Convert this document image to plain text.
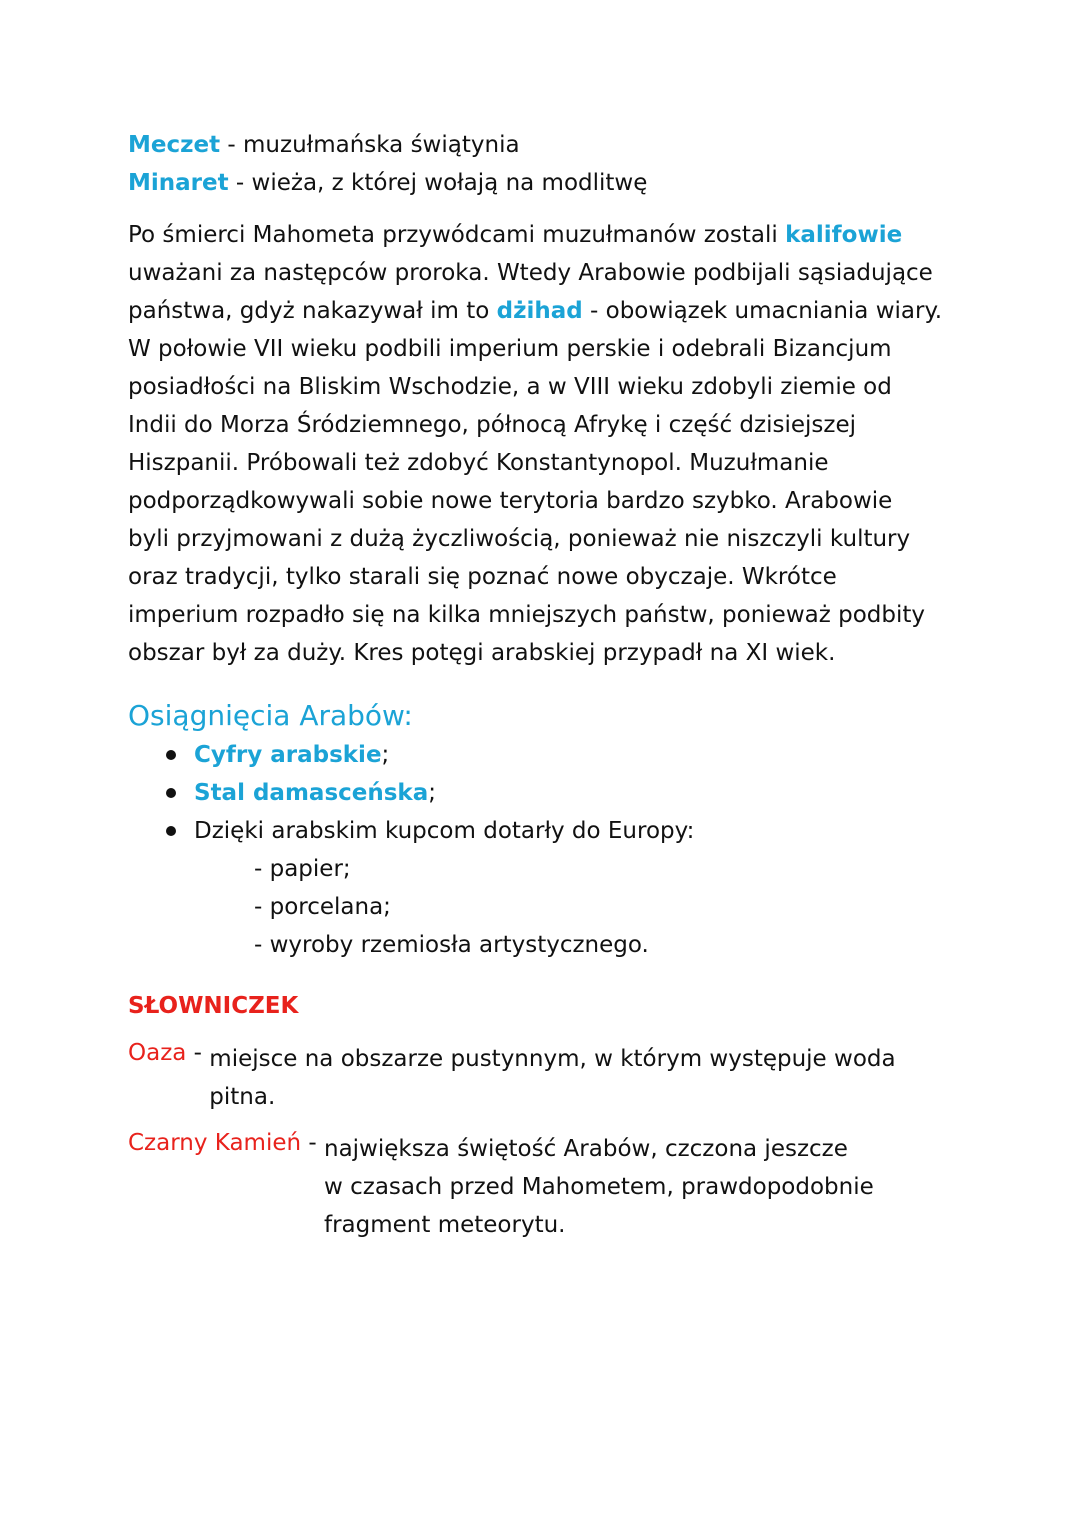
Meczet - muzułmańska świątynia
Minaret - wieża, z której wołają na modlitwę

Po śmierci Mahometa przywódcami muzułmanów zostali kalifowie

uważani za następców proroka. Wtedy Arabowie podbijali sąsiadujące

państwa, gdyż nakazywał im to dżihad - obowiązek umacniania wiary.

W połowie VII wieku podbili imperium perskie i odebrali Bizancjum

posiadłości na Bliskim Wschodzie, a w VIII wieku zdobyli ziemie od

Indii do Morza Śródziemnego, północą Afrykę i część dzisiejszej

Hiszpanii. Próbowali też zdobyć Konstantynopol. Muzułmanie

podporządkowywali sobie nowe terytoria bardzo szybko. Arabowie

byli przyjmowani z dużą życzliwością, ponieważ nie niszczyli kultury

oraz tradycji, tylko starali się poznać nowe obyczaje. Wkrótce

imperium rozpadło się na kilka mniejszych państw, ponieważ podbity

obszar był za duży. Kres potęgi arabskiej przypadł na XI wiek.

Osiągnięcia Arabów:
Cyfry arabskie;
Stal damasceńska;
Dzięki arabskim kupcom dotarły do Europy:
- papier;
- porcelana;
- wyroby rzemiosła artystycznego.
SŁOWNICZEK
Oaza - miejsce na obszarze pustynnym, w którym występuje woda
pitna.
Czarny Kamień - największa świętość Arabów, czczona jeszcze
w czasach przed Mahometem, prawdopodobnie
fragment meteorytu.
